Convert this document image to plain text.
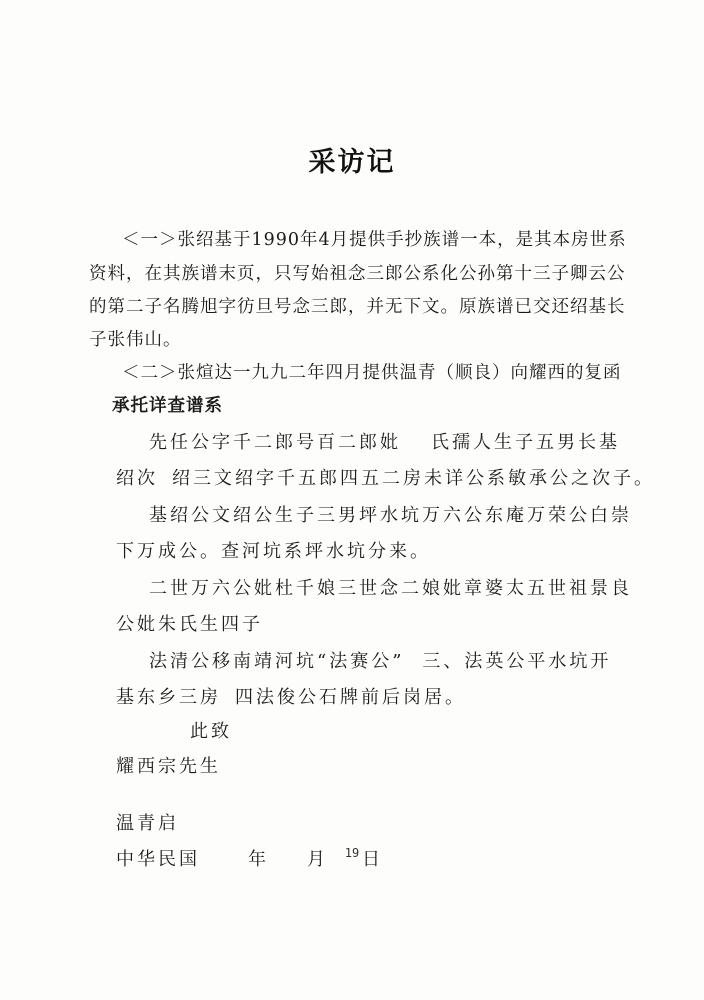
采访记
＜一＞张绍基于1990年4月提供手抄族谱一本，是其本房世系
资料，在其族谱末页，只写始祖念三郎公系化公孙第十三子卿云公
的第二子名腾旭字彷旦号念三郎，并无下文。原族谱已交还绍基长
子张伟山。
＜二＞张煊达一九九二年四月提供温青（顺良）向耀西的复函
承托详查谱系
先任公字千二郎号百二郎妣 氏孺人生子五男长基
绍次 绍三文绍字千五郎四五二房未详公系敏承公之次子。
基绍公文绍公生子三男坪水坑万六公东庵万荣公白崇
下万成公。查河坑系坪水坑分来。
二世万六公妣杜千娘三世念二娘妣章婆太五世祖景良
公妣朱氏生四子
法清公移南靖河坑“法赛公” 三、法英公平水坑开
基东乡三房 四法俊公石牌前后岗居。
此致
耀西宗先生
温青启
中华民国	年 月 日
19
